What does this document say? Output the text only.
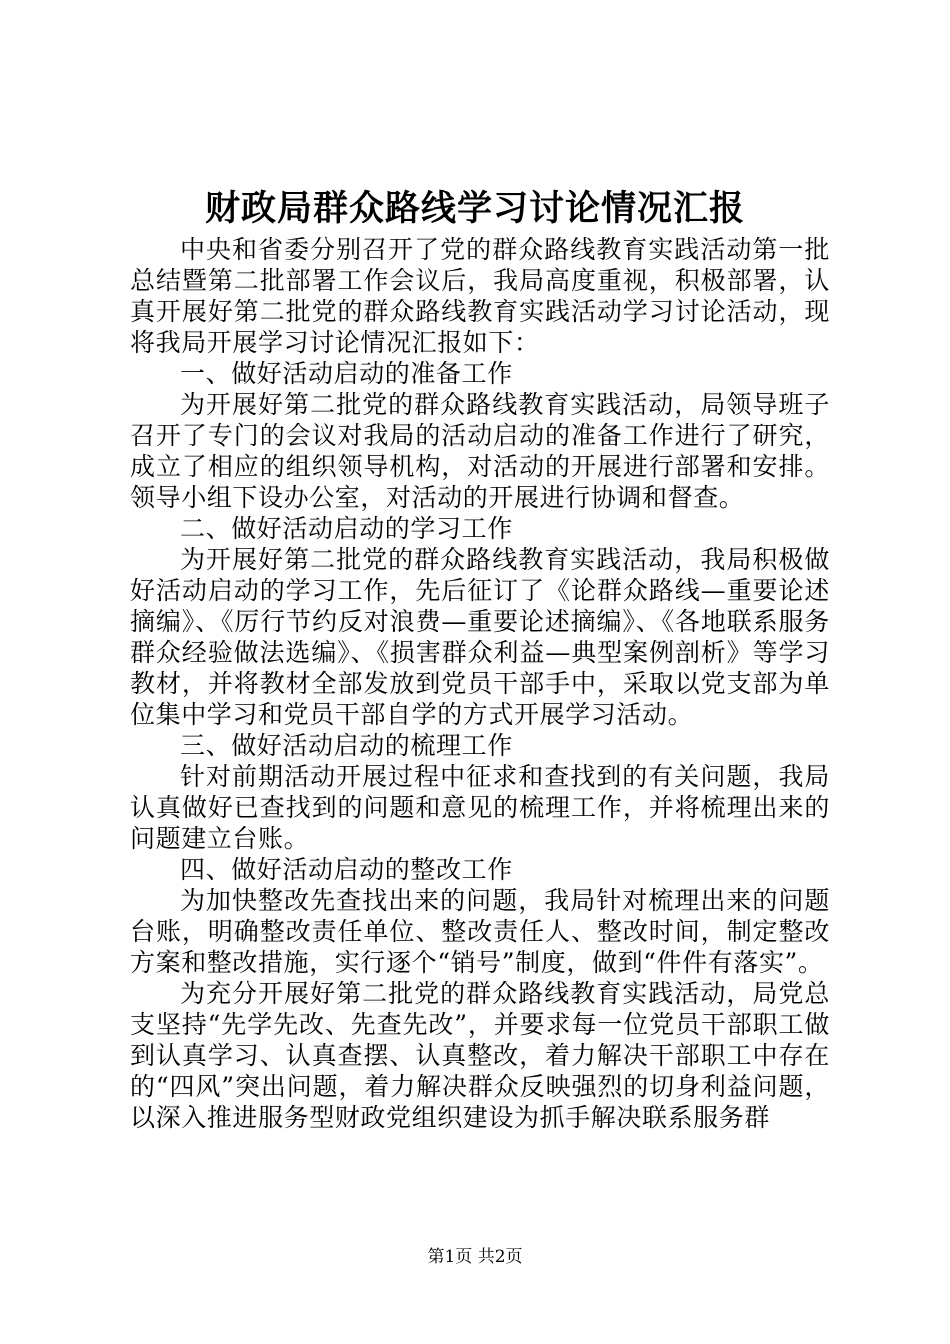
财政局群众路线学习讨论情况汇报

中央和省委分别召开了党的群众路线教育实践活动第一批总结暨第二批部署工作会议后，我局高度重视，积极部署，认真开展好第二批党的群众路线教育实践活动学习讨论活动，现将我局开展学习讨论情况汇报如下：

一、做好活动启动的准备工作

为开展好第二批党的群众路线教育实践活动，局领导班子召开了专门的会议对我局的活动启动的准备工作进行了研究，成立了相应的组织领导机构，对活动的开展进行部署和安排。领导小组下设办公室，对活动的开展进行协调和督查。

二、做好活动启动的学习工作

为开展好第二批党的群众路线教育实践活动，我局积极做好活动启动的学习工作，先后征订了《论群众路线—重要论述摘编》、《厉行节约反对浪费—重要论述摘编》、《各地联系服务群众经验做法选编》、《损害群众利益—典型案例剖析》等学习教材，并将教材全部发放到党员干部手中，采取以党支部为单位集中学习和党员干部自学的方式开展学习活动。

三、做好活动启动的梳理工作

针对前期活动开展过程中征求和查找到的有关问题，我局认真做好已查找到的问题和意见的梳理工作，并将梳理出来的问题建立台账。

四、做好活动启动的整改工作

为加快整改先查找出来的问题，我局针对梳理出来的问题台账，明确整改责任单位、整改责任人、整改时间，制定整改方案和整改措施，实行逐个“销号”制度，做到“件件有落实”。

为充分开展好第二批党的群众路线教育实践活动，局党总支坚持“先学先改、先查先改”，并要求每一位党员干部职工做到认真学习、认真查摆、认真整改，着力解决干部职工中存在的“四风”突出问题，着力解决群众反映强烈的切身利益问题，以深入推进服务型财政党组织建设为抓手解决联系服务群

第1页 共2页
